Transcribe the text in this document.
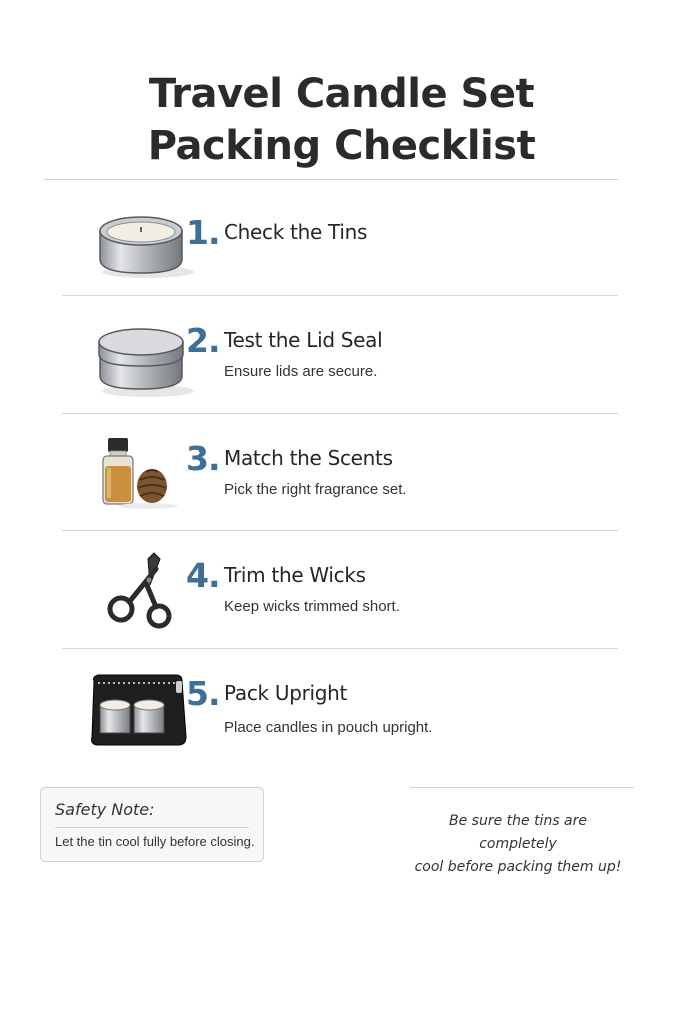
Travel Candle Set
Packing Checklist
1. Check the Tins
2. Test the Lid Seal
Ensure lids are secure.
3. Match the Scents
Pick the right fragrance set.
4. Trim the Wicks
Keep wicks trimmed short.
5. Pack Upright
Place candles in pouch upright.
Safety Note:
Let the tin cool fully before closing.
Be sure the tins are completely
cool before packing them up!
